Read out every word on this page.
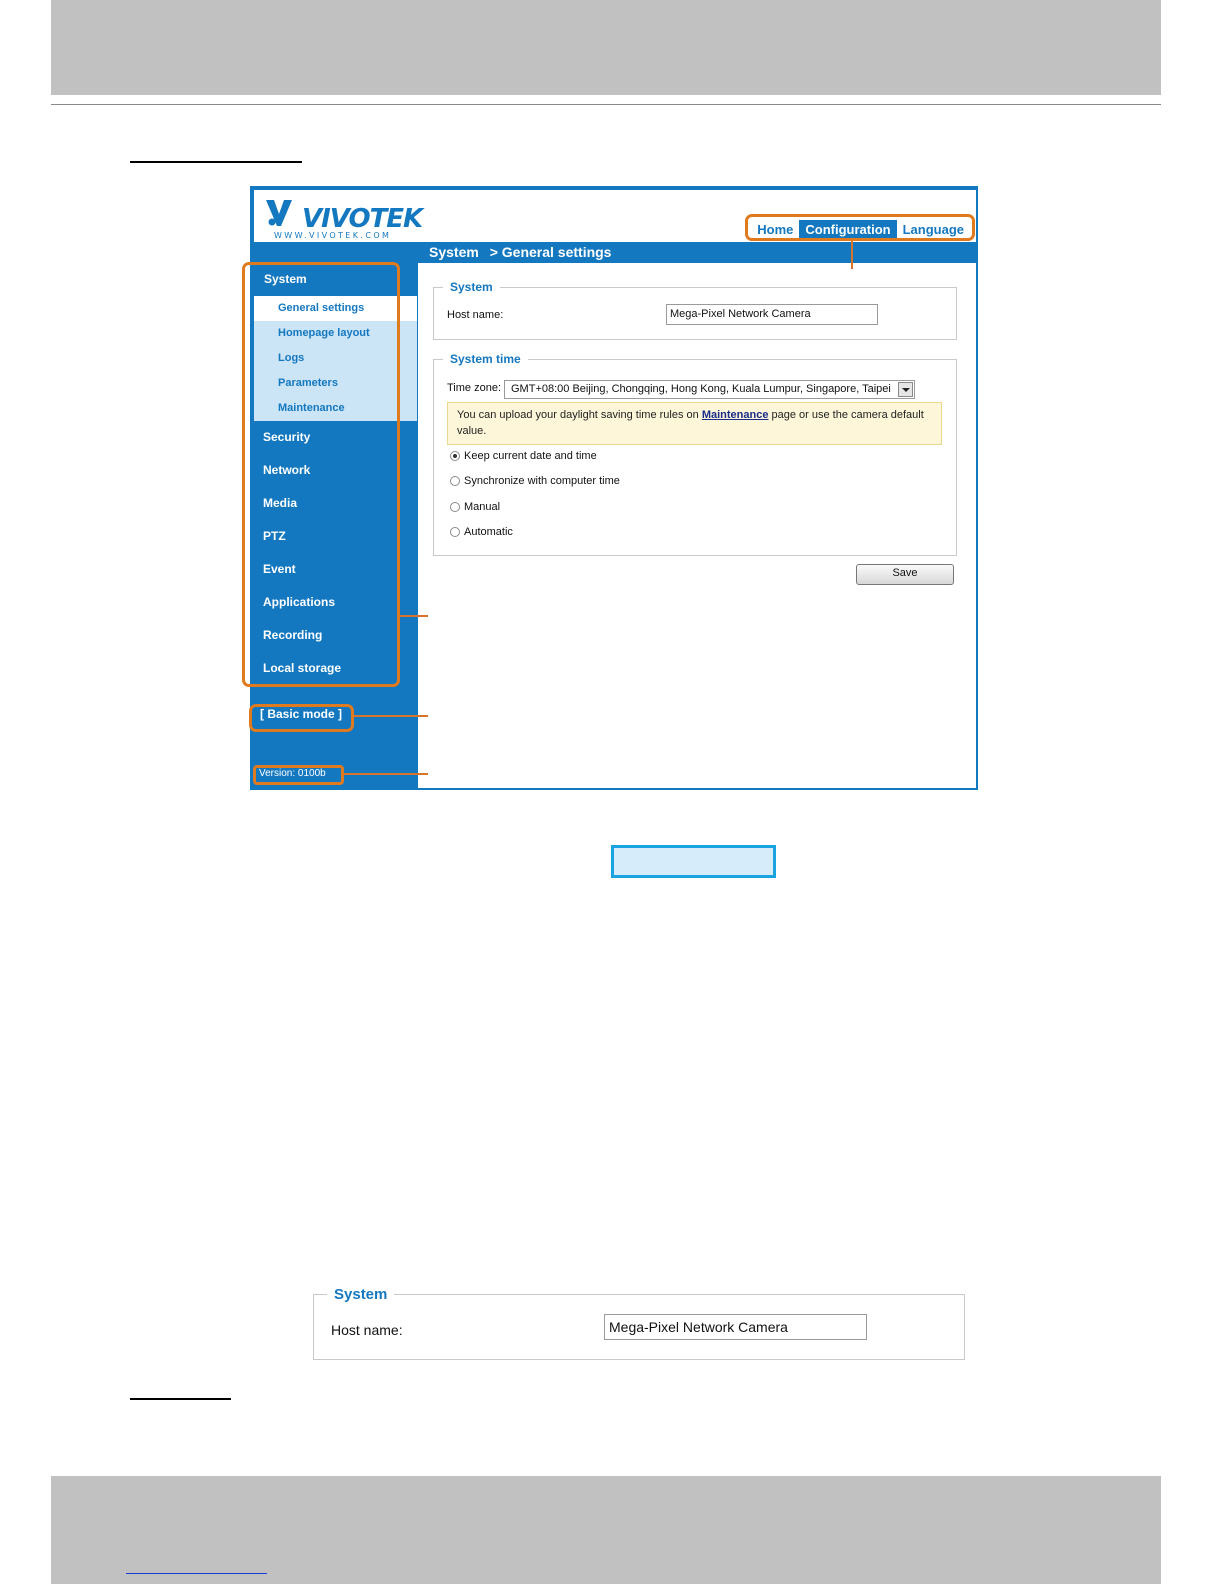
VIVOTEK
WWW.VIVOTEK.COM	Home Configuration Language
System > General settings
System
General settings
Homepage layout
Logs
Parameters
Maintenance
Security
Network
Media
PTZ
Event
Applications
Recording
Local storage
[ Basic mode ]
Version: 0100b
System
Host name:	Mega-Pixel Network Camera
System time
Time zone: GMT+08:00 Beijing, Chongqing, Hong Kong, Kuala Lumpur, Singapore, Taipei
You can upload your daylight saving time rules on Maintenance page or use the camera default value.
Keep current date and time
Synchronize with computer time
Manual
Automatic
Save
System
Host name:	Mega-Pixel Network Camera
